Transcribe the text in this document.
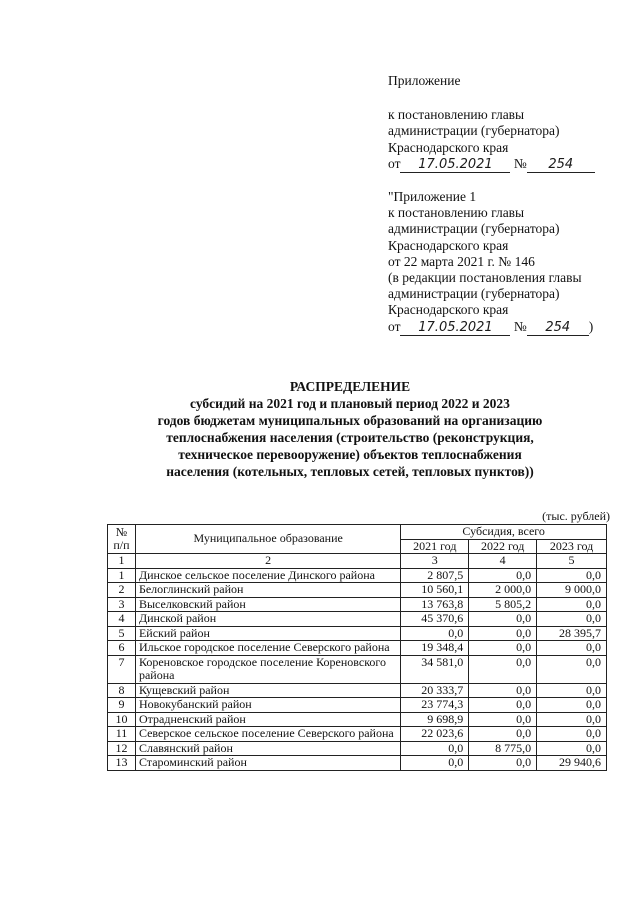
Приложение
к постановлению главы
администрации (губернатора)
Краснодарского края
от 17.05.2021 № 254
"Приложение 1
к постановлению главы
администрации (губернатора)
Краснодарского края
от 22 марта 2021 г. № 146
(в редакции постановления главы
администрации (губернатора)
Краснодарского края
от 17.05.2021 № 254 )
РАСПРЕДЕЛЕНИЕ
субсидий на 2021 год и плановый период 2022 и 2023
годов бюджетам муниципальных образований на организацию
теплоснабжения населения (строительство (реконструкция,
техническое перевооружение) объектов теплоснабжения
населения (котельных, тепловых сетей, тепловых пунктов))
(тыс. рублей)
№ п/п	Муниципальное образование	Субсидия, всего		
		2021 год	2022 год	2023 год
1	2	3	4	5
1	Динское сельское поселение Динского района	2 807,5	0,0	0,0
2	Белоглинский район	10 560,1	2 000,0	9 000,0
3	Выселковский район	13 763,8	5 805,2	0,0
4	Динской район	45 370,6	0,0	0,0
5	Ейский район	0,0	0,0	28 395,7
6	Ильское городское поселение Северского района	19 348,4	0,0	0,0
7	Кореновское городское поселение Кореновского района	34 581,0	0,0	0,0
8	Кущевский район	20 333,7	0,0	0,0
9	Новокубанский район	23 774,3	0,0	0,0
10	Отрадненский район	9 698,9	0,0	0,0
11	Северское сельское поселение Северского района	22 023,6	0,0	0,0
12	Славянский район	0,0	8 775,0	0,0
13	Староминский район	0,0	0,0	29 940,6
